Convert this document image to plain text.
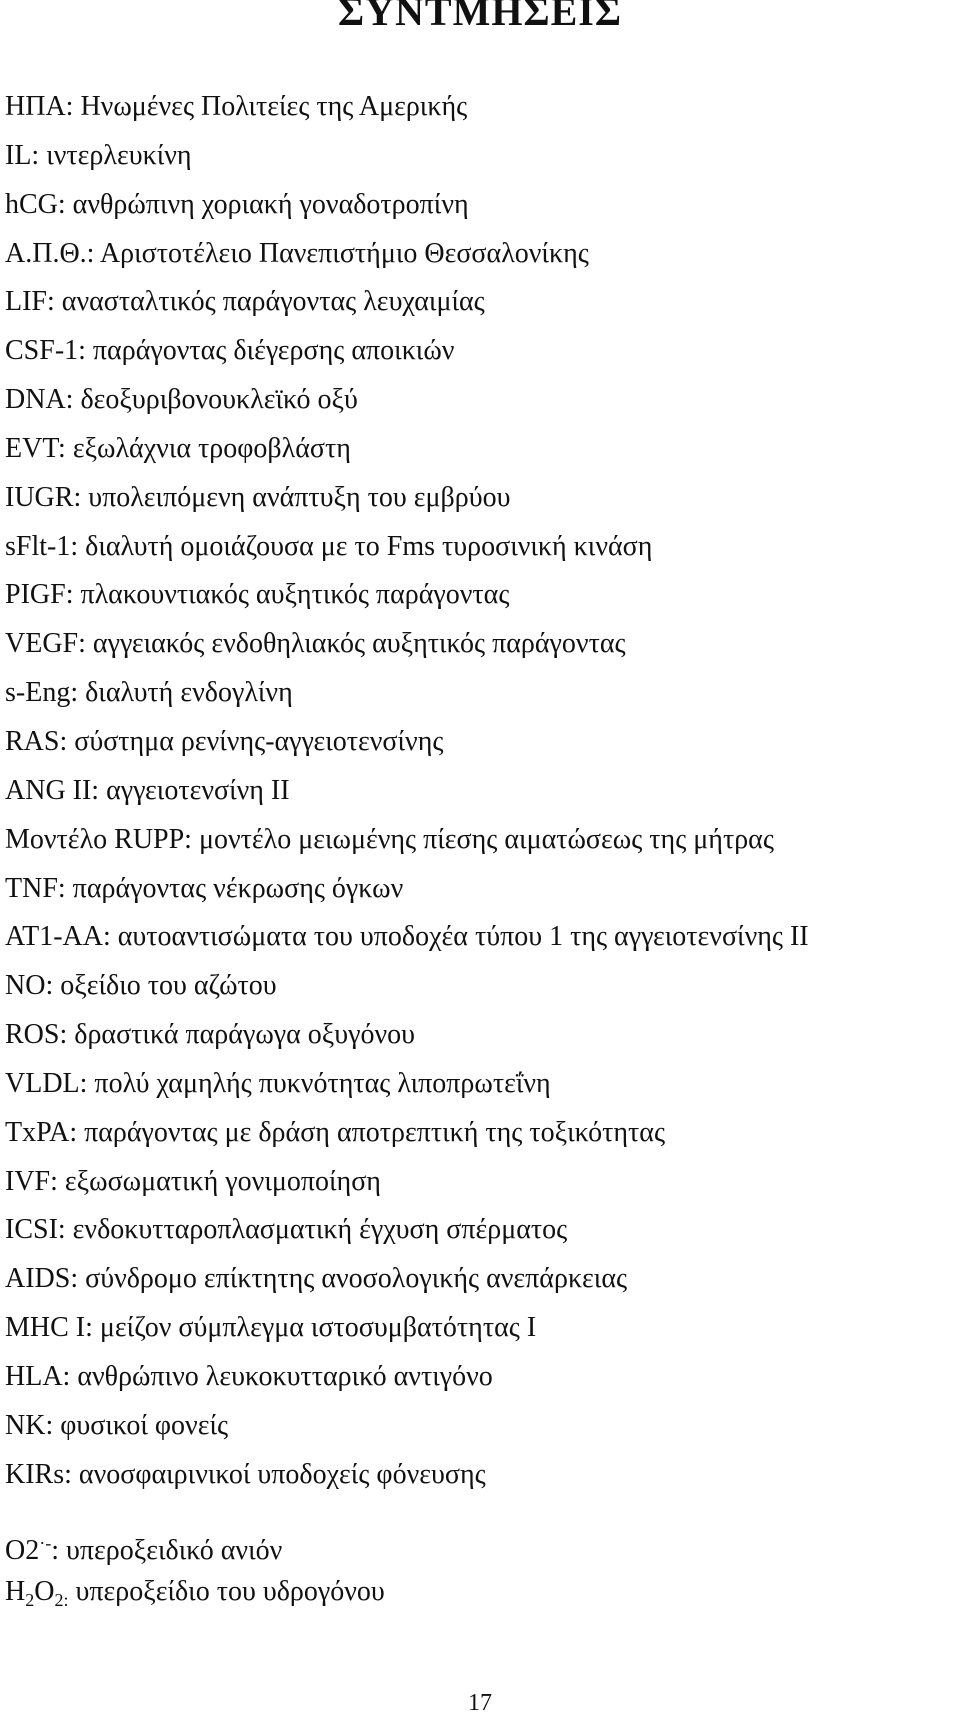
ΣΥΝΤΜΗΣΕΙΣ
ΗΠΑ: Ηνωμένες Πολιτείες της Αμερικής
IL: ιντερλευκίνη
hCG: ανθρώπινη χοριακή γοναδοτροπίνη
Α.Π.Θ.: Αριστοτέλειο Πανεπιστήμιο Θεσσαλονίκης
LIF: ανασταλτικός παράγοντας λευχαιμίας
CSF-1: παράγοντας διέγερσης αποικιών
DNA: δεοξυριβονουκλεϊκό οξύ
EVT: εξωλάχνια τροφοβλάστη
IUGR: υπολειπόμενη ανάπτυξη του εμβρύου
sFlt-1: διαλυτή ομοιάζουσα με το Fms τυροσινική κινάση
PIGF: πλακουντιακός αυξητικός παράγοντας
VEGF: αγγειακός ενδοθηλιακός αυξητικός παράγοντας
s-Eng: διαλυτή ενδογλίνη
RAS: σύστημα ρενίνης-αγγειοτενσίνης
ANG II: αγγειοτενσίνη II
Μοντέλο RUPP: μοντέλο μειωμένης πίεσης αιματώσεως της μήτρας
TNF: παράγοντας νέκρωσης όγκων
AT1-AA: αυτοαντισώματα του υποδοχέα τύπου 1 της αγγειοτενσίνης II
NO: οξείδιο του αζώτου
ROS: δραστικά παράγωγα οξυγόνου
VLDL: πολύ χαμηλής πυκνότητας λιποπρωτεΐνη
TxPA: παράγοντας με δράση αποτρεπτική της τοξικότητας
IVF: εξωσωματική γονιμοποίηση
ICSI: ενδοκυτταροπλασματική έγχυση σπέρματος
AIDS: σύνδρομο επίκτητης ανοσολογικής ανεπάρκειας
MHC I: μείζον σύμπλεγμα ιστοσυμβατότητας I
HLA: ανθρώπινο λευκοκυτταρικό αντιγόνο
NK: φυσικοί φονείς
KIRs: ανοσφαιρινικοί υποδοχείς φόνευσης
O2·-: υπεροξειδικό ανιόν
$H_2O_{2:}$ υπεροξείδιο του υδρογόνου
17
